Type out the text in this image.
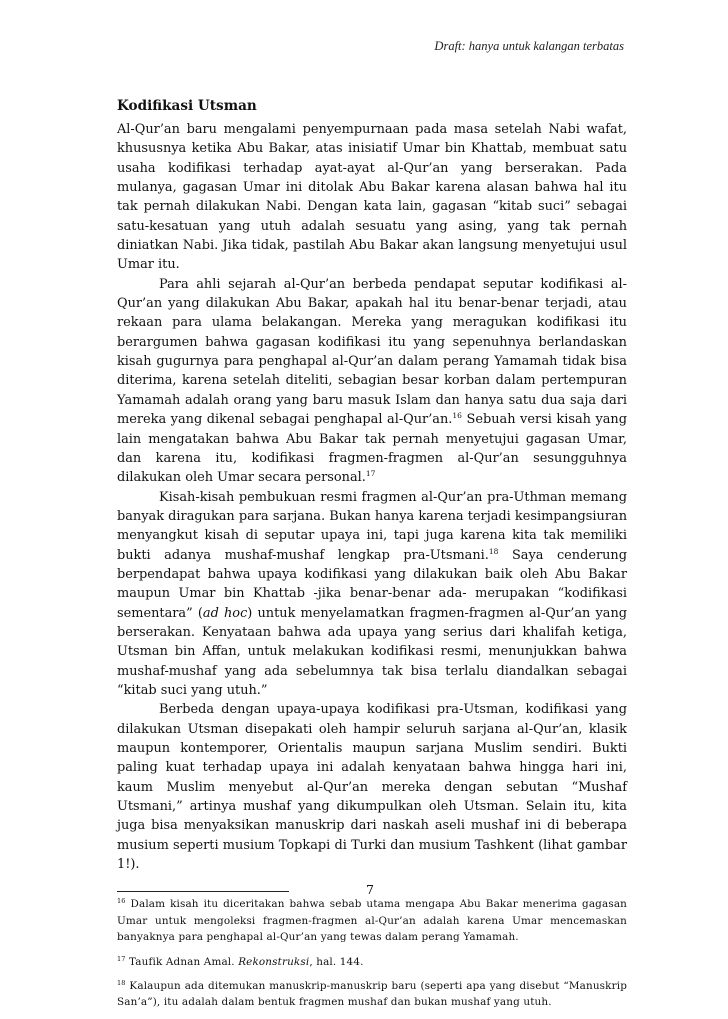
Draft: hanya untuk kalangan terbatas
Kodifikasi Utsman

Al-Qur’an baru mengalami penyempurnaan pada masa setelah Nabi wafat, khususnya ketika Abu Bakar, atas inisiatif Umar bin Khattab, membuat satu usaha kodifikasi terhadap ayat-ayat al-Qur’an yang berserakan. Pada mulanya, gagasan Umar ini ditolak Abu Bakar karena alasan bahwa hal itu tak pernah dilakukan Nabi. Dengan kata lain, gagasan “kitab suci” sebagai satu-kesatuan yang utuh adalah sesuatu yang asing, yang tak pernah diniatkan Nabi. Jika tidak, pastilah Abu Bakar akan langsung menyetujui usul Umar itu.

Para ahli sejarah al-Qur’an berbeda pendapat seputar kodifikasi al-Qur’an yang dilakukan Abu Bakar, apakah hal itu benar-benar terjadi, atau rekaan para ulama belakangan. Mereka yang meragukan kodifikasi itu berargumen bahwa gagasan kodifikasi itu yang sepenuhnya berlandaskan kisah gugurnya para penghapal al-Qur’an dalam perang Yamamah tidak bisa diterima, karena setelah diteliti, sebagian besar korban dalam pertempuran Yamamah adalah orang yang baru masuk Islam dan hanya satu dua saja dari mereka yang dikenal sebagai penghapal al-Qur’an.$^{16}$ Sebuah versi kisah yang lain mengatakan bahwa Abu Bakar tak pernah menyetujui gagasan Umar, dan karena itu, kodifikasi fragmen-fragmen al-Qur’an sesungguhnya dilakukan oleh Umar secara personal.$^{17}$

Kisah-kisah pembukuan resmi fragmen al-Qur’an pra-Uthman memang banyak diragukan para sarjana. Bukan hanya karena terjadi kesimpangsiuran menyangkut kisah di seputar upaya ini, tapi juga karena kita tak memiliki bukti adanya mushaf-mushaf lengkap pra-Utsmani.$^{18}$ Saya cenderung berpendapat bahwa upaya kodifikasi yang dilakukan baik oleh Abu Bakar maupun Umar bin Khattab -jika benar-benar ada- merupakan “kodifikasi sementara” (ad hoc) untuk menyelamatkan fragmen-fragmen al-Qur’an yang berserakan. Kenyataan bahwa ada upaya yang serius dari khalifah ketiga, Utsman bin Affan, untuk melakukan kodifikasi resmi, menunjukkan bahwa mushaf-mushaf yang ada sebelumnya tak bisa terlalu diandalkan sebagai “kitab suci yang utuh.”

Berbeda dengan upaya-upaya kodifikasi pra-Utsman, kodifikasi yang dilakukan Utsman disepakati oleh hampir seluruh sarjana al-Qur’an, klasik maupun kontemporer, Orientalis maupun sarjana Muslim sendiri. Bukti paling kuat terhadap upaya ini adalah kenyataan bahwa hingga hari ini, kaum Muslim menyebut al-Qur’an mereka dengan sebutan “Mushaf Utsmani,” artinya mushaf yang dikumpulkan oleh Utsman. Selain itu, kita juga bisa menyaksikan manuskrip dari naskah aseli mushaf ini di beberapa musium seperti musium Topkapi di Turki dan musium Tashkent (lihat gambar 1!).

$^{16}$ Dalam kisah itu diceritakan bahwa sebab utama mengapa Abu Bakar menerima gagasan Umar untuk mengoleksi fragmen-fragmen al-Qur’an adalah karena Umar mencemaskan banyaknya para penghapal al-Qur’an yang tewas dalam perang Yamamah.

$^{17}$ Taufik Adnan Amal. Rekonstruksi, hal. 144.

$^{18}$ Kalaupun ada ditemukan manuskrip-manuskrip baru (seperti apa yang disebut “Manuskrip San’a”), itu adalah dalam bentuk fragmen mushaf dan bukan mushaf yang utuh.

7
